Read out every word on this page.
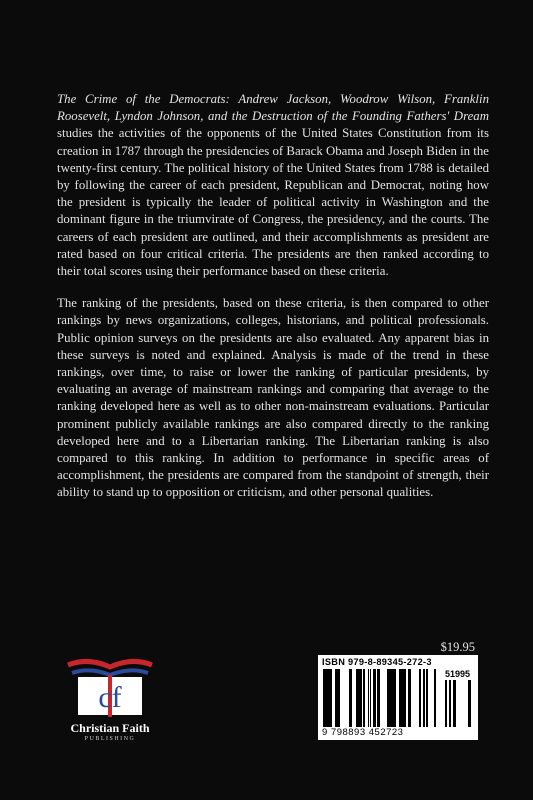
The Crime of the Democrats: Andrew Jackson, Woodrow Wilson, Franklin Roosevelt, Lyndon Johnson, and the Destruction of the Founding Fathers' Dream studies the activities of the opponents of the United States Constitution from its creation in 1787 through the presidencies of Barack Obama and Joseph Biden in the twenty-first century. The political history of the United States from 1788 is detailed by following the career of each president, Republican and Democrat, noting how the president is typically the leader of political activity in Washington and the dominant figure in the triumvirate of Congress, the presidency, and the courts. The careers of each president are outlined, and their accomplishments as president are rated based on four critical criteria. The presidents are then ranked according to their total scores using their performance based on these criteria.

The ranking of the presidents, based on these criteria, is then compared to other rankings by news organizations, colleges, historians, and political professionals. Public opinion surveys on the presidents are also evaluated. Any apparent bias in these surveys is noted and explained. Analysis is made of the trend in these rankings, over time, to raise or lower the ranking of particular presidents, by evaluating an average of mainstream rankings and comparing that average to the ranking developed here as well as to other non-mainstream evaluations. Particular prominent publicly available rankings are also compared directly to the ranking developed here and to a Libertarian ranking. The Libertarian ranking is also compared to this ranking. In addition to performance in specific areas of accomplishment, the presidents are compared from the standpoint of strength, their ability to stand up to opposition or criticism, and other personal qualities.

cf
Christian Faith
PUBLISHING
$19.95
ISBN 979-8-89345-272-3
51995
9 798893 452723
